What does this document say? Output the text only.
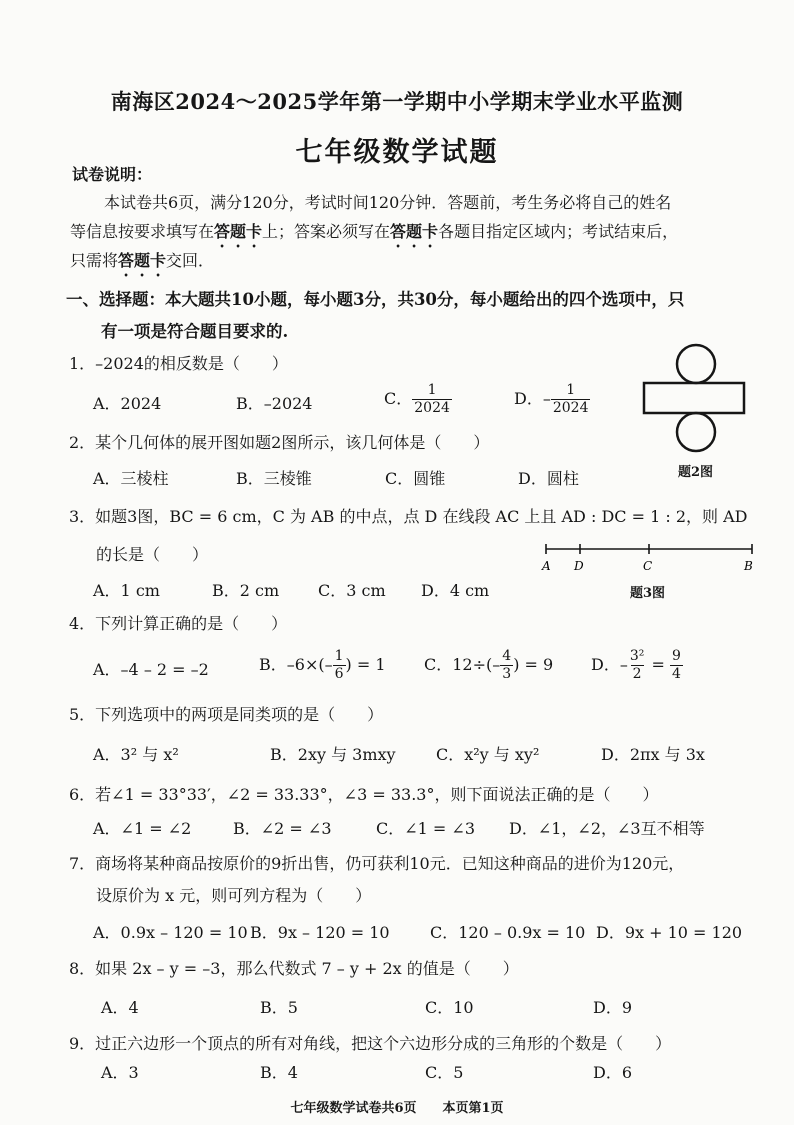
南海区2024～2025学年第一学期中小学期末学业水平监测
七年级数学试题
试卷说明：
本试卷共6页，满分120分，考试时间120分钟．答题前，考生务必将自己的姓名
等信息按要求填写在答题卡上；答案必须写在答题卡各题目指定区域内；考试结束后，
只需将答题卡交回．
一、选择题：本大题共10小题，每小题3分，共30分，每小题给出的四个选项中，只
有一项是符合题目要求的.
1．–2024的相反数是（　　）
A．2024	B．–2024	C． $\frac{1}{2024}$	D．– $\frac{1}{2024}$
题2图
2．某个几何体的展开图如题2图所示，该几何体是（　　）
A．三棱柱	B．三棱锥	C．圆锥	D．圆柱
3．如题3图，BC = 6 cm，C 为 AB 的中点，点 D 在线段 AC 上且 AD : DC = 1 : 2，则 AD
的长是（　　）
A D	C	B
题3图
A．1 cm	B．2 cm C．3 cm D．4 cm
4．下列计算正确的是（　　）
A．–4 – 2 = –2	B．$-6\times(- \frac{1}{6}$ ) = 1 C．$12\div(- \frac{4}{3}$ ) = 9 D．– $\frac{\text{3²}}{2} = \frac{9}{4}$
5．下列选项中的两项是同类项的是（　　）
A．3² 与 x²	B．2xy 与 3mxy	C．x²y 与 xy²	D．2πx 与 3x
6．若∠1 = 33°33′，∠2 = 33.33°，∠3 = 33.3°，则下面说法正确的是（　　）
A．∠1 = ∠2	B．∠2 = ∠3	C．∠1 = ∠3 D．∠1，∠2，∠3互不相等
7．商场将某种商品按原价的9折出售，仍可获利10元．已知这种商品的进价为120元，
设原价为 x 元，则可列方程为（　　）
A．0.9x – 120 = 10 B．9x – 120 = 10	C．120 – 0.9x = 10 D．9x + 10 = 120
8．如果 2x – y = –3，那么代数式 7 – y + 2x 的值是（　　）
A．4	B．5	C．10	D．9
9．过正六边形一个顶点的所有对角线，把这个六边形分成的三角形的个数是（　　）
A．3	B．4	C．5	D．6
七年级数学试卷共6页　　本页第1页
